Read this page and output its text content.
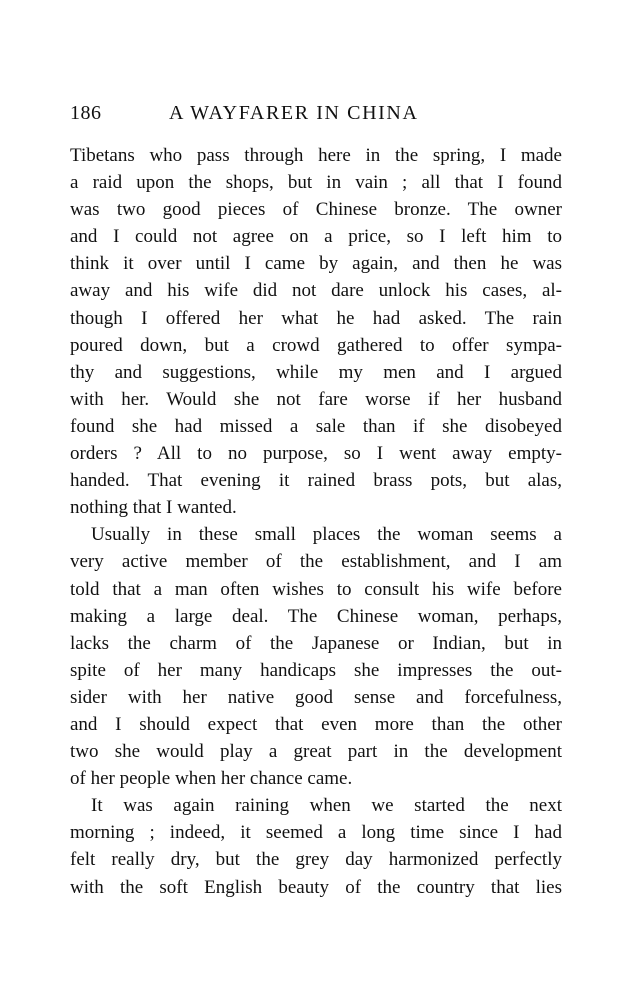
186	A WAYFARER IN CHINA
Tibetans who pass through here in the spring, I made
a raid upon the shops, but in vain ; all that I found
was two good pieces of Chinese bronze. The owner
and I could not agree on a price, so I left him to
think it over until I came by again, and then he was
away and his wife did not dare unlock his cases, al-
though I offered her what he had asked. The rain
poured down, but a crowd gathered to offer sympa-
thy and suggestions, while my men and I argued
with her. Would she not fare worse if her husband
found she had missed a sale than if she disobeyed
orders ? All to no purpose, so I went away empty-
handed. That evening it rained brass pots, but alas,
nothing that I wanted.
Usually in these small places the woman seems a
very active member of the establishment, and I am
told that a man often wishes to consult his wife before
making a large deal. The Chinese woman, perhaps,
lacks the charm of the Japanese or Indian, but in
spite of her many handicaps she impresses the out-
sider with her native good sense and forcefulness,
and I should expect that even more than the other
two she would play a great part in the development
of her people when her chance came.
It was again raining when we started the next
morning ; indeed, it seemed a long time since I had
felt really dry, but the grey day harmonized perfectly
with the soft English beauty of the country that lies
